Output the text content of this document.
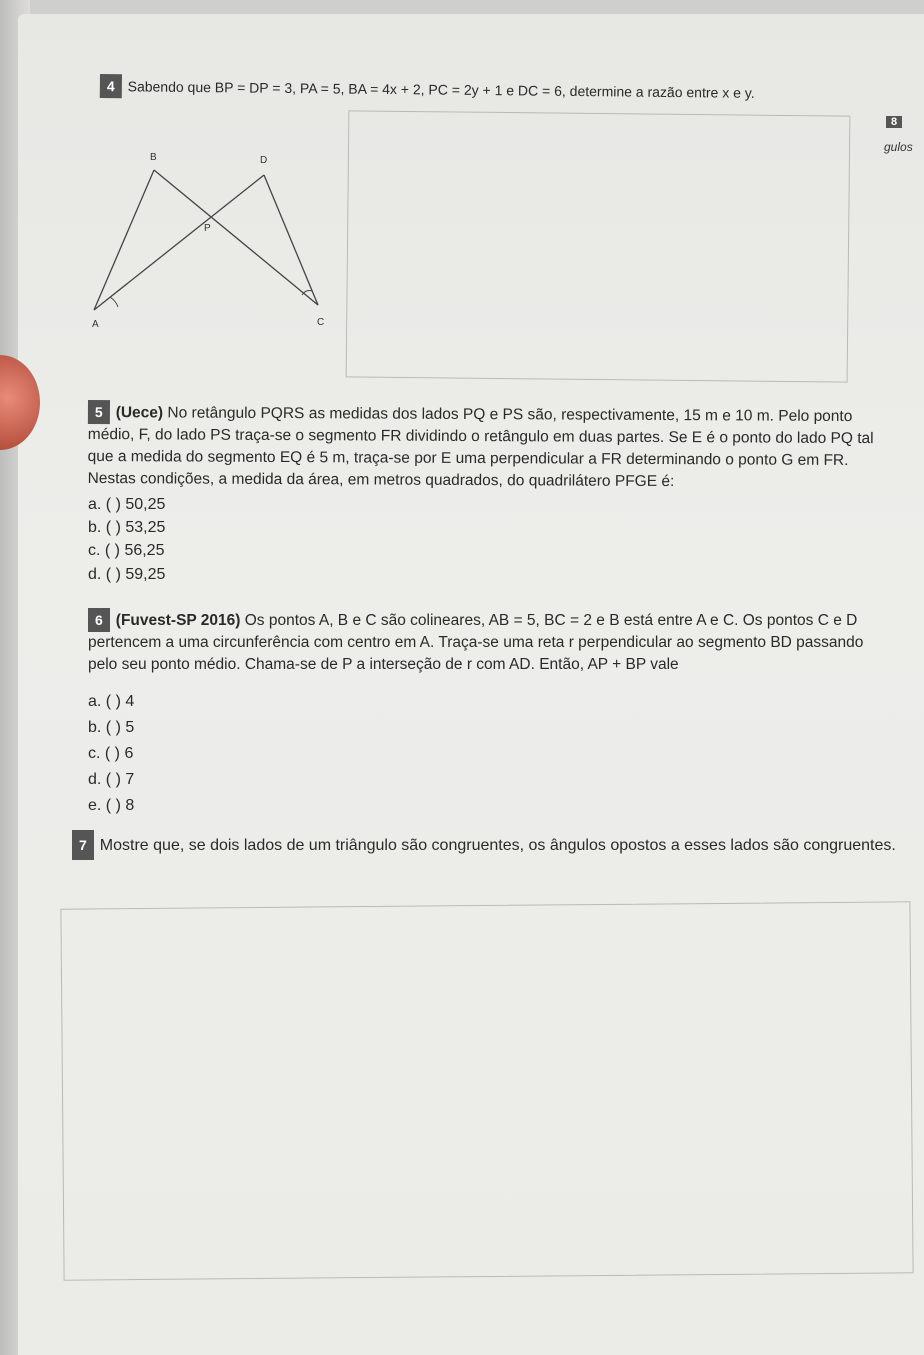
4 Sabendo que BP = DP = 3, PA = 5, BA = 4x + 2, PC = 2y + 1 e DC = 6, determine a razão entre x e y.
B	D
P
A	C
8
gulos
5 (Uece) No retângulo PQRS as medidas dos lados PQ e PS são, respectivamente, 15 m e 10 m. Pelo ponto médio, F, do lado PS traça-se o segmento FR dividindo o retângulo em duas partes. Se E é o ponto do lado PQ tal que a medida do segmento EQ é 5 m, traça-se por E uma perpendicular a FR determinando o ponto G em FR. Nestas condições, a medida da área, em metros quadrados, do quadrilátero PFGE é:
a. ( ) 50,25
b. ( ) 53,25
c. ( ) 56,25
d. ( ) 59,25
6 (Fuvest-SP 2016) Os pontos A, B e C são colineares, AB = 5, BC = 2 e B está entre A e C. Os pontos C e D pertencem a uma circunferência com centro em A. Traça-se uma reta r perpendicular ao segmento BD passando pelo seu ponto médio. Chama-se de P a interseção de r com AD. Então, AP + BP vale
a. ( ) 4
b. ( ) 5
c. ( ) 6
d. ( ) 7
e. ( ) 8
7 Mostre que, se dois lados de um triângulo são congruentes, os ângulos opostos a esses lados são congruentes.
